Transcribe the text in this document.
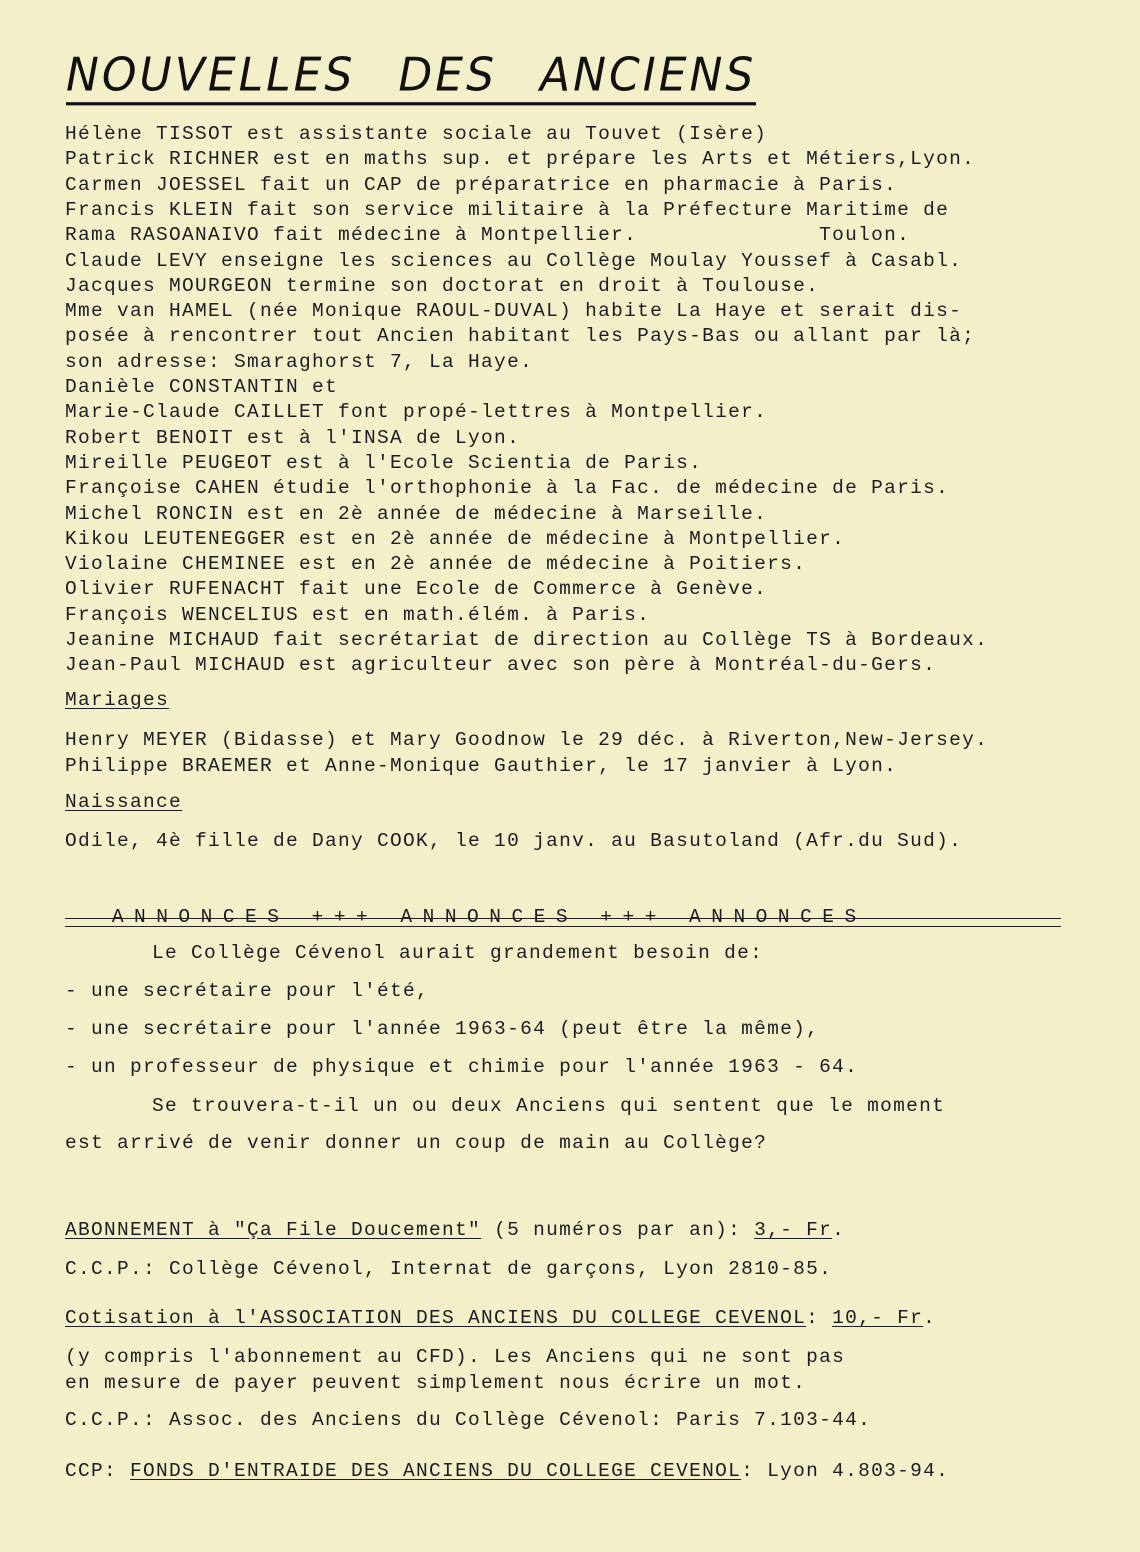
NOUVELLES DES ANCIENS

Hélène TISSOT est assistante sociale au Touvet (Isère)

Patrick RICHNER est en maths sup. et prépare les Arts et Métiers,Lyon.

Carmen JOESSEL fait un CAP de préparatrice en pharmacie à Paris.

Francis KLEIN fait son service militaire à la Préfecture Maritime de

Rama RASOANAIVO fait médecine à Montpellier.              Toulon.

Claude LEVY enseigne les sciences au Collège Moulay Youssef à Casabl.

Jacques MOURGEON termine son doctorat en droit à Toulouse.

Mme van HAMEL (née Monique RAOUL-DUVAL) habite La Haye et serait dis-

posée à rencontrer tout Ancien habitant les Pays-Bas ou allant par là;

son adresse: Smaraghorst 7, La Haye.

Danièle CONSTANTIN et

Marie-Claude CAILLET font propé-lettres à Montpellier.

Robert BENOIT est à l'INSA de Lyon.

Mireille PEUGEOT est à l'Ecole Scientia de Paris.

Françoise CAHEN étudie l'orthophonie à la Fac. de médecine de Paris.

Michel RONCIN est en 2è année de médecine à Marseille.

Kikou LEUTENEGGER est en 2è année de médecine à Montpellier.

Violaine CHEMINEE est en 2è année de médecine à Poitiers.

Olivier RUFENACHT fait une Ecole de Commerce à Genève.

François WENCELIUS est en math.élém. à Paris.

Jeanine MICHAUD fait secrétariat de direction au Collège TS à Bordeaux.

Jean-Paul MICHAUD est agriculteur avec son père à Montréal-du-Gers.

Mariages

Henry MEYER (Bidasse) et Mary Goodnow le 29 déc. à Riverton,New-Jersey.

Philippe BRAEMER et Anne-Monique Gauthier, le 17 janvier à Lyon.

Naissance

Odile, 4è fille de Dany COOK, le 10 janv. au Basutoland (Afr.du Sud).

ANNONCES +++ ANNONCES +++ ANNONCES

Le Collège Cévenol aurait grandement besoin de:

- une secrétaire pour l'été,

- une secrétaire pour l'année 1963-64 (peut être la même),

- un professeur de physique et chimie pour l'année 1963 - 64.

Se trouvera-t-il un ou deux Anciens qui sentent que le moment

est arrivé de venir donner un coup de main au Collège?

ABONNEMENT à "Ça File Doucement" (5 numéros par an): 3,- Fr.

C.C.P.: Collège Cévenol, Internat de garçons, Lyon 2810-85.

Cotisation à l'ASSOCIATION DES ANCIENS DU COLLEGE CEVENOL: 10,- Fr.

(y compris l'abonnement au CFD). Les Anciens qui ne sont pas

en mesure de payer peuvent simplement nous écrire un mot.

C.C.P.: Assoc. des Anciens du Collège Cévenol: Paris 7.103-44.

CCP: FONDS D'ENTRAIDE DES ANCIENS DU COLLEGE CEVENOL: Lyon 4.803-94.
